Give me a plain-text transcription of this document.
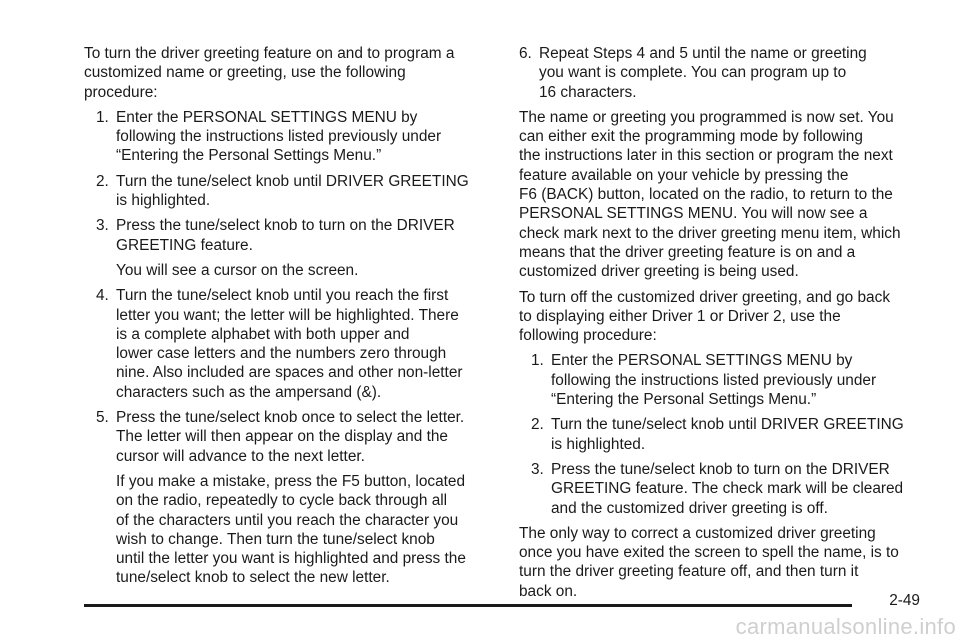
To turn the driver greeting feature on and to program a
customized name or greeting, use the following
procedure:

1. Enter the PERSONAL SETTINGS MENU by
following the instructions listed previously under
“Entering the Personal Settings Menu.”
2. Turn the tune/select knob until DRIVER GREETING
is highlighted.
3. Press the tune/select knob to turn on the DRIVER
GREETING feature.

You will see a cursor on the screen.

4. Turn the tune/select knob until you reach the first
letter you want; the letter will be highlighted. There
is a complete alphabet with both upper and
lower case letters and the numbers zero through
nine. Also included are spaces and other non-letter
characters such as the ampersand (&).
5. Press the tune/select knob once to select the letter.
The letter will then appear on the display and the
cursor will advance to the next letter.

If you make a mistake, press the F5 button, located
on the radio, repeatedly to cycle back through all
of the characters until you reach the character you
wish to change. Then turn the tune/select knob
until the letter you want is highlighted and press the
tune/select knob to select the new letter.

6. Repeat Steps 4 and 5 until the name or greeting
you want is complete. You can program up to
16 characters.

The name or greeting you programmed is now set. You
can either exit the programming mode by following
the instructions later in this section or program the next
feature available on your vehicle by pressing the
F6 (BACK) button, located on the radio, to return to the
PERSONAL SETTINGS MENU. You will now see a
check mark next to the driver greeting menu item, which
means that the driver greeting feature is on and a
customized driver greeting is being used.

To turn off the customized driver greeting, and go back
to displaying either Driver 1 or Driver 2, use the
following procedure:

1. Enter the PERSONAL SETTINGS MENU by
following the instructions listed previously under
“Entering the Personal Settings Menu.”
2. Turn the tune/select knob until DRIVER GREETING
is highlighted.
3. Press the tune/select knob to turn on the DRIVER
GREETING feature. The check mark will be cleared
and the customized driver greeting is off.

The only way to correct a customized driver greeting
once you have exited the screen to spell the name, is to
turn the driver greeting feature off, and then turn it
back on.

2-49
carmanualsonline.info
